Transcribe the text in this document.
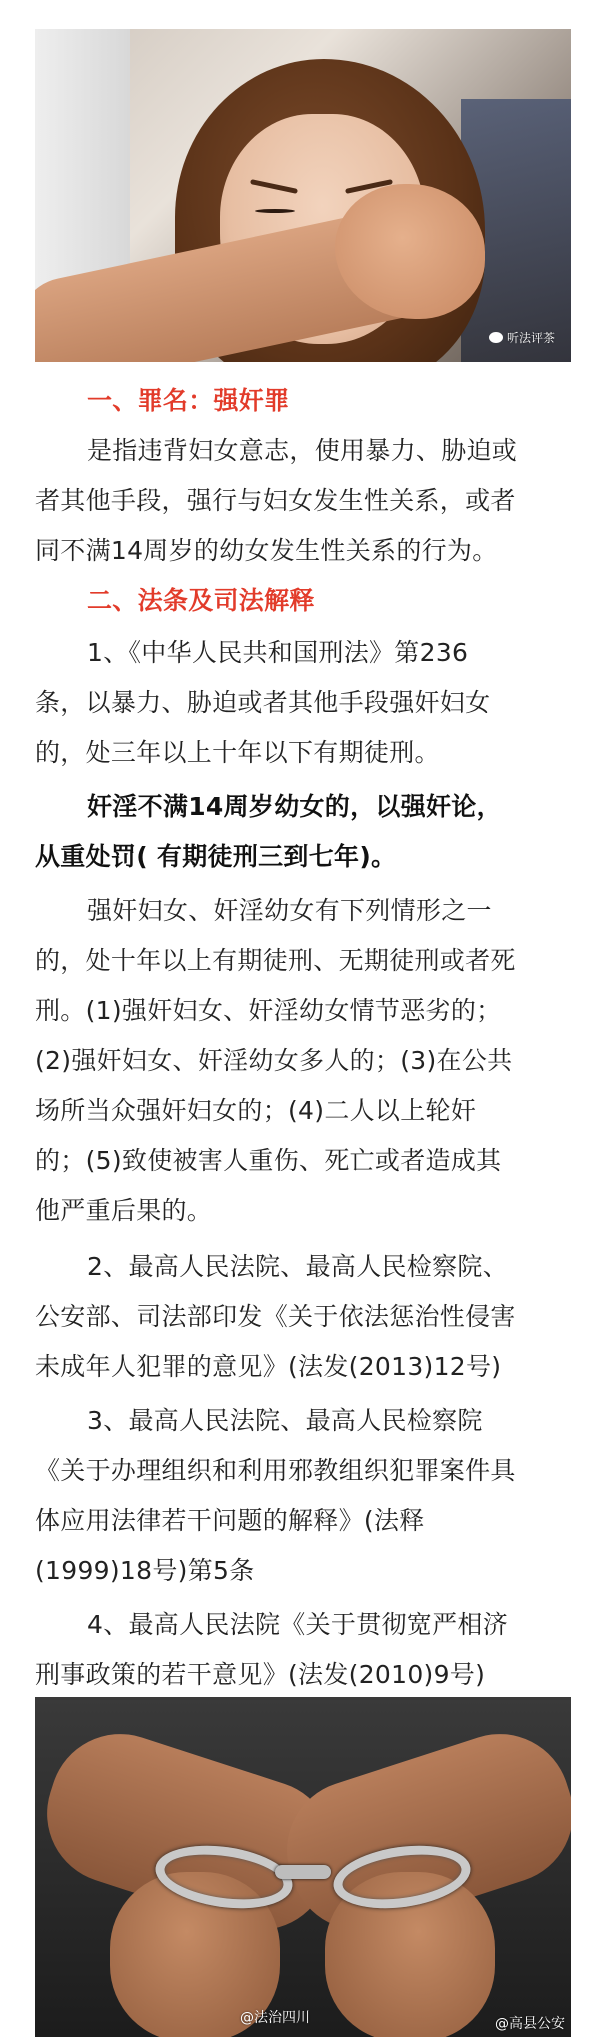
听法评茶
一、罪名：强奸罪
是指违背妇女意志，使用暴力、胁迫或
者其他手段，强行与妇女发生性关系，或者
同不满14周岁的幼女发生性关系的行为。
二、法条及司法解释
1、《中华人民共和国刑法》第236
条，以暴力、胁迫或者其他手段强奸妇女
的，处三年以上十年以下有期徒刑。
奸淫不满14周岁幼女的，以强奸论，
从重处罚( 有期徒刑三到七年)。
强奸妇女、奸淫幼女有下列情形之一
的，处十年以上有期徒刑、无期徒刑或者死
刑。(1)强奸妇女、奸淫幼女情节恶劣的；
(2)强奸妇女、奸淫幼女多人的；(3)在公共
场所当众强奸妇女的；(4)二人以上轮奸
的；(5)致使被害人重伤、死亡或者造成其
他严重后果的。
2、最高人民法院、最高人民检察院、
公安部、司法部印发《关于依法惩治性侵害
未成年人犯罪的意见》(法发(2013)12号)
3、最高人民法院、最高人民检察院
《关于办理组织和利用邪教组织犯罪案件具
体应用法律若干问题的解释》(法释
(1999)18号)第5条
4、最高人民法院《关于贯彻宽严相济
刑事政策的若干意见》(法发(2010)9号)
@法治四川	@高县公安
